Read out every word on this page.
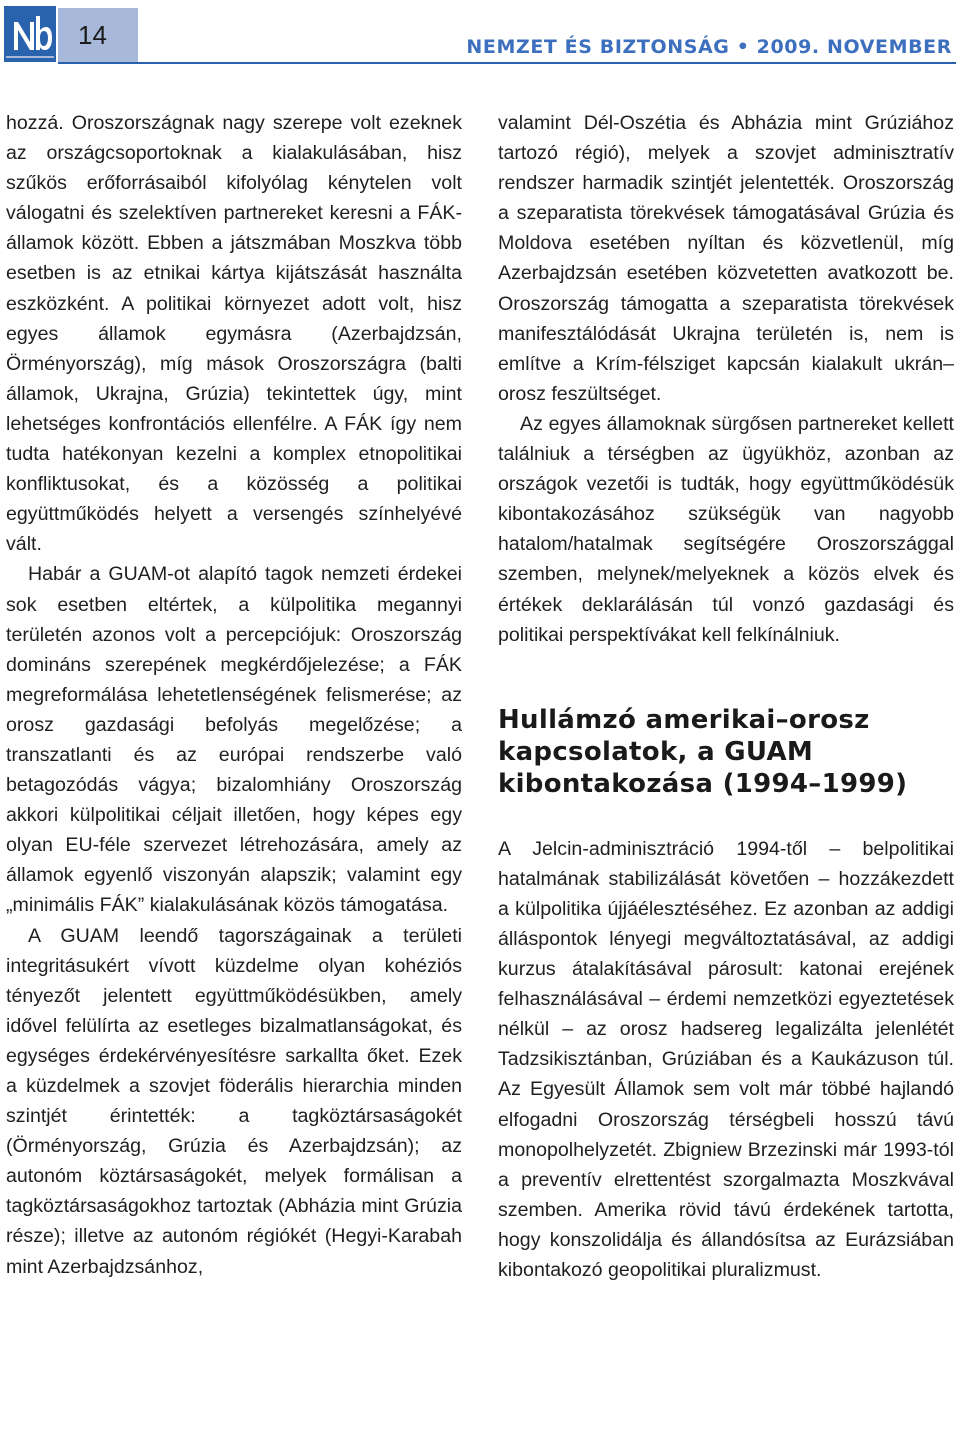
14	NEMZET ÉS BIZTONSÁG • 2009. NOVEMBER

hozzá. Oroszországnak nagy szerepe volt ezeknek az országcsoportoknak a kialakulásában, hisz szűkös erőforrásaiból kifolyólag kénytelen volt válogatni és szelektíven partnereket keresni a FÁK-államok között. Ebben a játszmában Moszkva több esetben is az etnikai kártya kijátszását használta eszközként. A politikai környezet adott volt, hisz egyes államok egymásra (Azerbajdzsán, Örményország), míg mások Oroszországra (balti államok, Ukrajna, Grúzia) tekintettek úgy, mint lehetséges konfrontációs ellenfélre. A FÁK így nem tudta hatékonyan kezelni a komplex etnopolitikai konfliktusokat, és a közösség a politikai együttműködés helyett a versengés színhelyévé vált.

Habár a GUAM-ot alapító tagok nemzeti érdekei sok esetben eltértek, a külpolitika megannyi területén azonos volt a percepciójuk: Oroszország domináns szerepének megkérdőjelezése; a FÁK megreformálása lehetetlenségének felismerése; az orosz gazdasági befolyás megelőzése; a transzatlanti és az európai rendszerbe való betagozódás vágya; bizalomhiány Oroszország akkori külpolitikai céljait illetően, hogy képes egy olyan EU-féle szervezet létrehozására, amely az államok egyenlő viszonyán alapszik; valamint egy „minimális FÁK” kialakulásának közös támogatása.

A GUAM leendő tagországainak a területi integritásukért vívott küzdelme olyan kohéziós tényezőt jelentett együttműködésükben, amely idővel felülírta az esetleges bizalmatlanságokat, és egységes érdekérvényesítésre sarkallta őket. Ezek a küzdelmek a szovjet föderális hierarchia minden szintjét érintették: a tagköztársaságokét (Örményország, Grúzia és Azerbajdzsán); az autonóm köztársaságokét, melyek formálisan a tagköztársaságokhoz tartoztak (Abházia mint Grúzia része); illetve az autonóm régiókét (Hegyi-Karabah mint Azerbajdzsánhoz,

valamint Dél-Oszétia és Abházia mint Grúziához tartozó régió), melyek a szovjet adminisztratív rendszer harmadik szintjét jelentették. Oroszország a szeparatista törekvések támogatásával Grúzia és Moldova esetében nyíltan és közvetlenül, míg Azerbajdzsán esetében közvetetten avatkozott be. Oroszország támogatta a szeparatista törekvések manifesztálódását Ukrajna területén is, nem is említve a Krím-félsziget kapcsán kialakult ukrán–orosz feszültséget.

Az egyes államoknak sürgősen partnereket kellett találniuk a térségben az ügyükhöz, azonban az országok vezetői is tudták, hogy együttműködésük kibontakozásához szükségük van nagyobb hatalom/hatalmak segítségére Oroszországgal szemben, melynek/melyeknek a közös elvek és értékek deklarálásán túl vonzó gazdasági és politikai perspektívákat kell felkínálniuk.

Hullámzó amerikai–orosz kapcsolatok, a GUAM kibontakozása (1994–1999)

A Jelcin-adminisztráció 1994-től – belpolitikai hatalmának stabilizálását követően – hozzákezdett a külpolitika újjáélesztéséhez. Ez azonban az addigi álláspontok lényegi megváltoztatásával, az addigi kurzus átalakításával párosult: katonai erejének felhasználásával – érdemi nemzetközi egyeztetések nélkül – az orosz hadsereg legalizálta jelenlétét Tadzsikisztánban, Grúziában és a Kaukázuson túl. Az Egyesült Államok sem volt már többé hajlandó elfogadni Oroszország térségbeli hosszú távú monopolhelyzetét. Zbigniew Brzezinski már 1993-tól a preventív elrettentést szorgalmazta Moszkvával szemben. Amerika rövid távú érdekének tartotta, hogy konszolidálja és állandósítsa az Eurázsiában kibontakozó geopolitikai pluralizmust.
